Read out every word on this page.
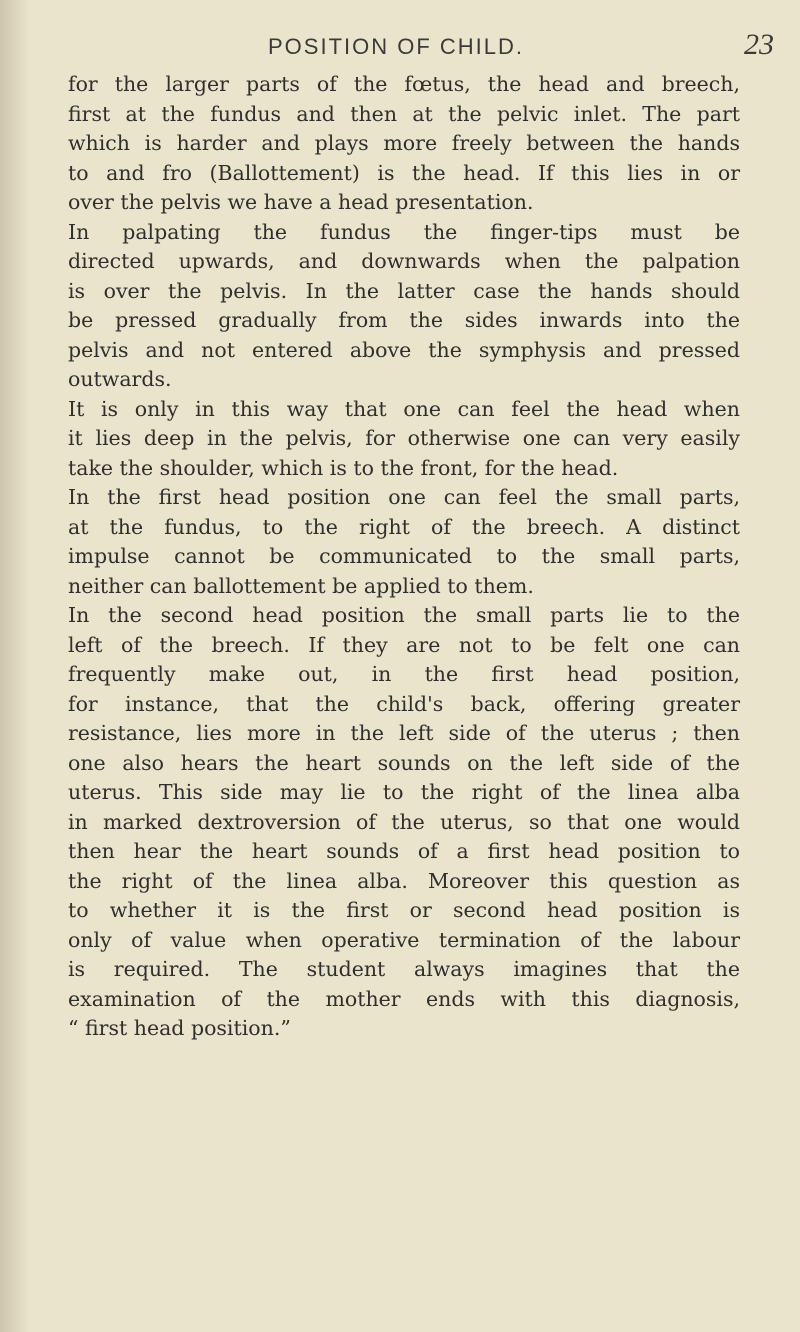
POSITION OF CHILD.	23
for the larger parts of the fœtus, the head and breech,
first at the fundus and then at the pelvic inlet. The part
which is harder and plays more freely between the hands
to and fro (Ballottement) is the head. If this lies in or
over the pelvis we have a head presentation.
In palpating the fundus the finger-tips must be
directed upwards, and downwards when the palpation
is over the pelvis. In the latter case the hands should
be pressed gradually from the sides inwards into the
pelvis and not entered above the symphysis and pressed
outwards.
It is only in this way that one can feel the head when
it lies deep in the pelvis, for otherwise one can very easily
take the shoulder, which is to the front, for the head.
In the first head position one can feel the small parts,
at the fundus, to the right of the breech. A distinct
impulse cannot be communicated to the small parts,
neither can ballottement be applied to them.
In the second head position the small parts lie to the
left of the breech. If they are not to be felt one can
frequently make out, in the first head position,
for instance, that the child's back, offering greater
resistance, lies more in the left side of the uterus ; then
one also hears the heart sounds on the left side of the
uterus. This side may lie to the right of the linea alba
in marked dextroversion of the uterus, so that one would
then hear the heart sounds of a first head position to
the right of the linea alba. Moreover this question as
to whether it is the first or second head position is
only of value when operative termination of the labour
is required. The student always imagines that the
examination of the mother ends with this diagnosis,
“ first head position.”
